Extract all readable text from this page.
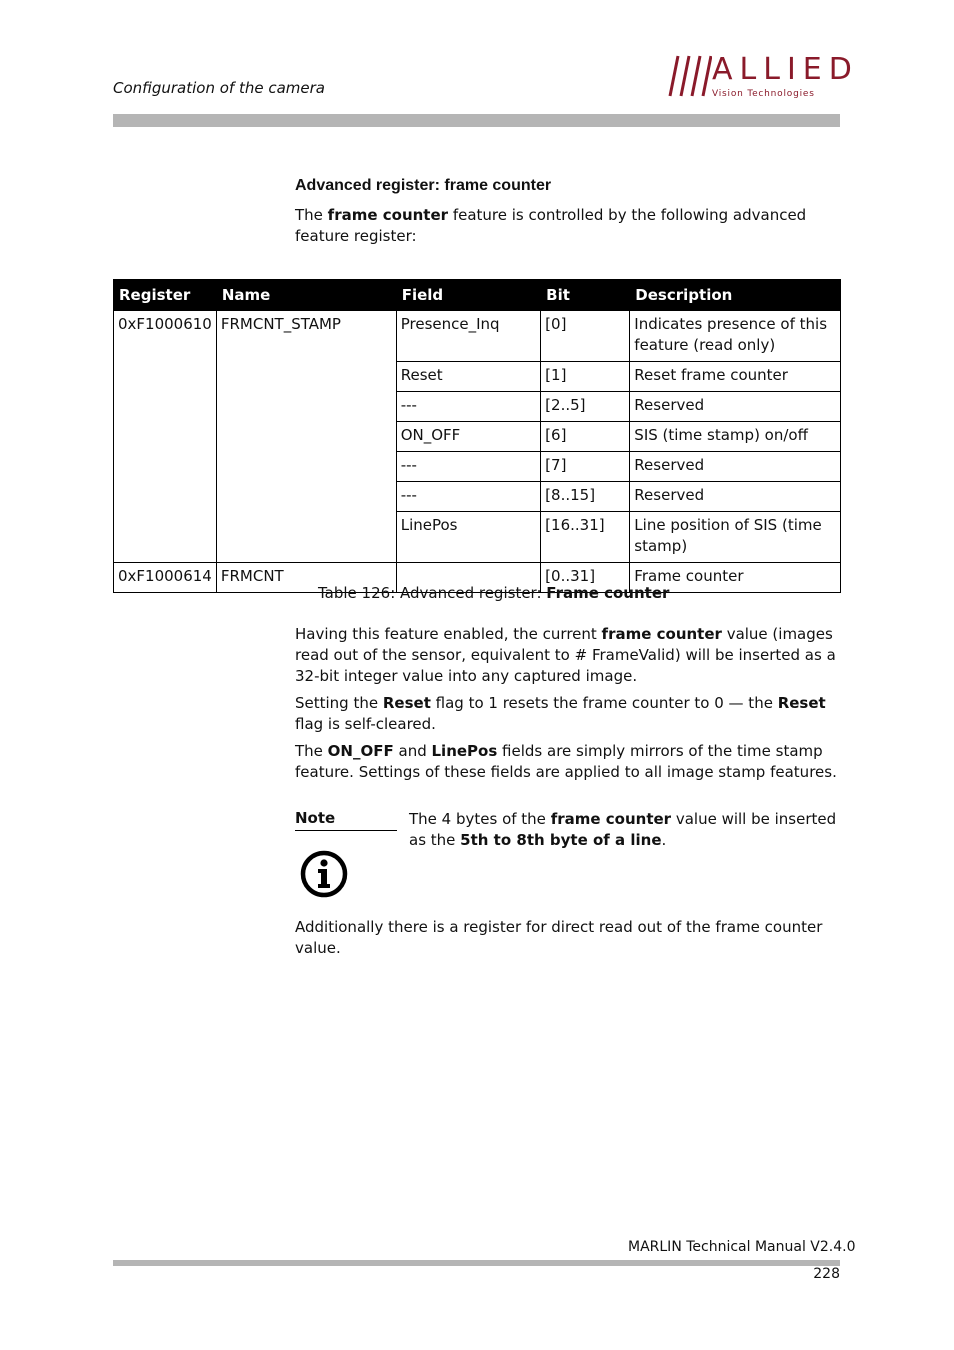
Configuration of the camera
ALLIED
Vision Technologies
Advanced register: frame counter
The frame counter feature is controlled by the following advanced feature register:
Register	Name	Field	Bit	Description
0xF1000610	FRMCNT_STAMP	Presence_Inq	[0]	Indicates presence of this feature (read only)
		Reset	[1]	Reset frame counter
		---	[2..5]	Reserved
		ON_OFF	[6]	SIS (time stamp) on/off
		---	[7]	Reserved
		---	[8..15]	Reserved
		LinePos	[16..31]	Line position of SIS (time stamp)
0xF1000614	FRMCNT		[0..31]	Frame counter
Table 126: Advanced register: Frame counter
Having this feature enabled, the current frame counter value (images read out of the sensor, equivalent to # FrameValid) will be inserted as a 32-bit integer value into any captured image.
Setting the Reset flag to 1 resets the frame counter to 0 — the Reset flag is self-cleared.
The ON_OFF and LinePos fields are simply mirrors of the time stamp feature. Settings of these fields are applied to all image stamp features.
Note	The 4 bytes of the frame counter value will be inserted as the 5th to 8th byte of a line.
Additionally there is a register for direct read out of the frame counter value.
MARLIN Technical Manual V2.4.0
228
